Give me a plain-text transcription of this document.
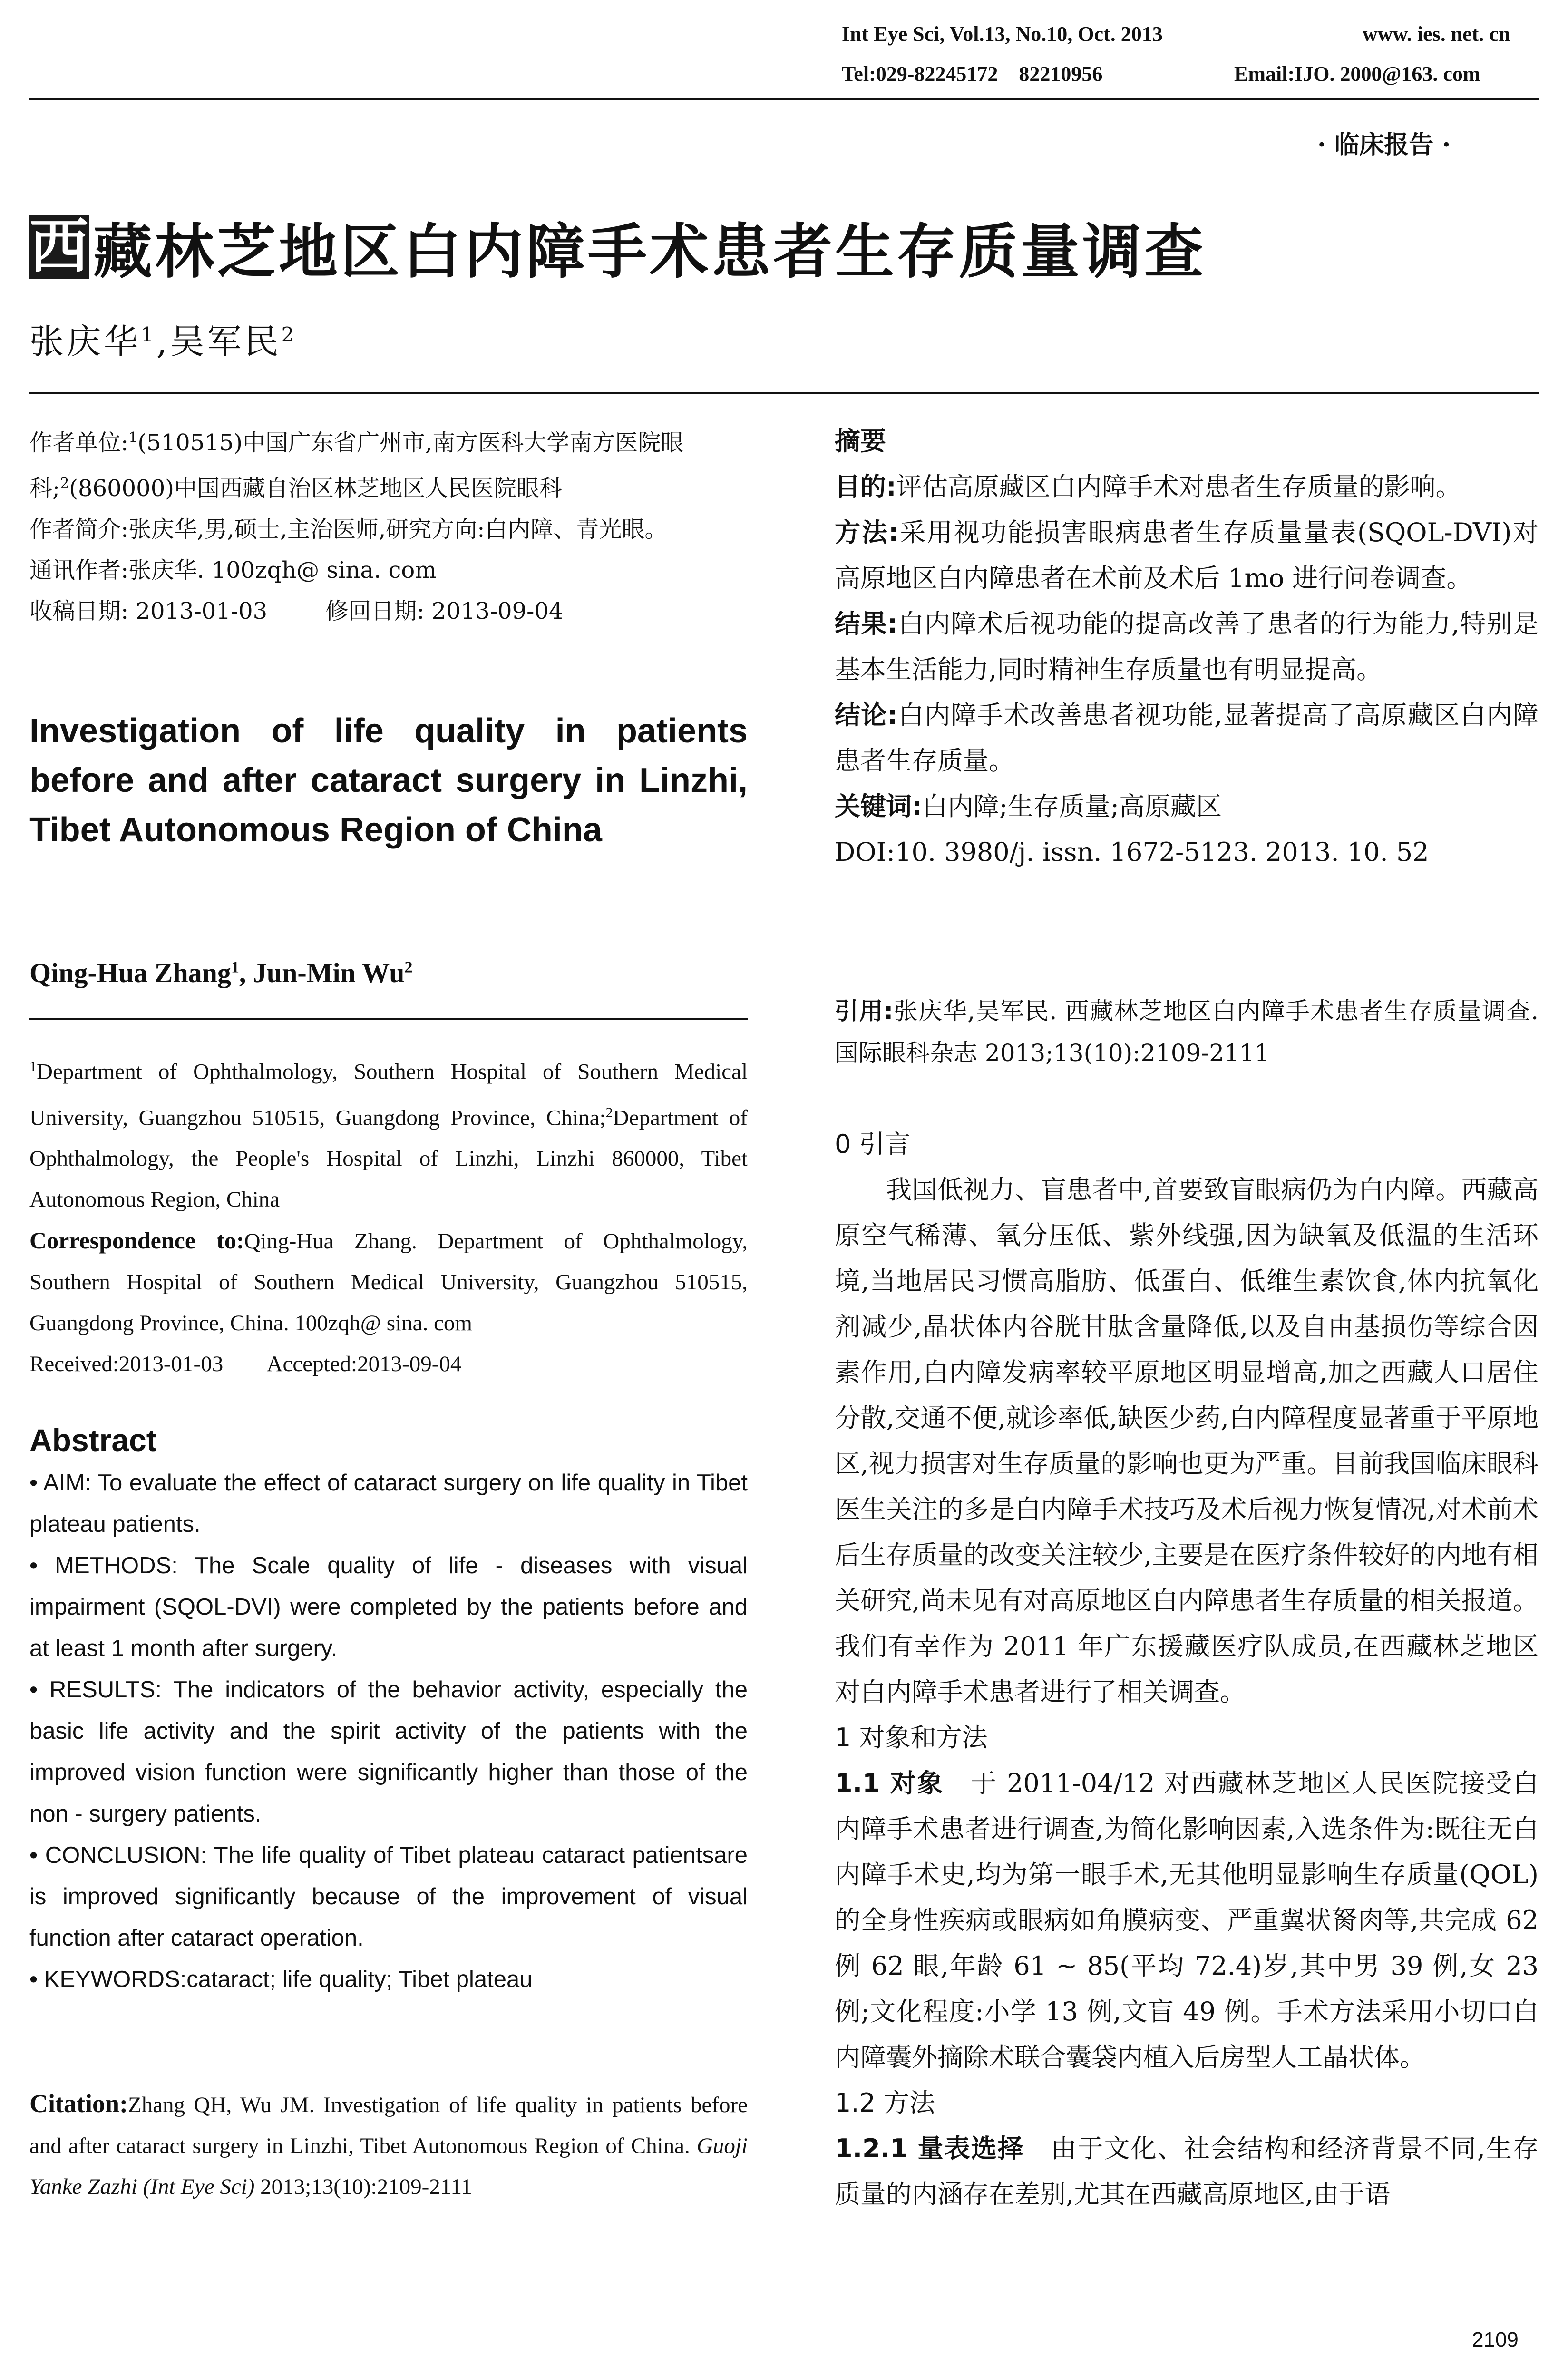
Int Eye Sci, Vol.13, No.10, Oct. 2013	www. ies. net. cn
Tel:029-82245172    82210956	Email:IJO. 2000@163. com
· 临床报告 ·
西 藏林芝地区白内障手术患者生存质量调查
张庆华$^1$,吴军民$^2$

作者单位:$^1$(510515)中国广东省广州市,南方医科大学南方医院眼科;$^2$(860000)中国西藏自治区林芝地区人民医院眼科

作者简介:张庆华,男,硕士,主治医师,研究方向:白内障、青光眼。

通讯作者:张庆华. 100zqh@ sina. com

收稿日期: 2013-01-03        修回日期: 2013-09-04

Investigation of life quality in patients before and after cataract surgery in Linzhi, Tibet Autonomous Region of China
Qing-Hua Zhang$^1$, Jun-Min Wu$^2$
$^1$Department of Ophthalmology, Southern Hospital of Southern Medical University, Guangzhou 510515, Guangdong Province, China;$^2$Department of Ophthalmology, the People's Hospital of Linzhi, Linzhi 860000, Tibet Autonomous Region, China
Correspondence to:Qing-Hua Zhang. Department of Ophthalmology, Southern Hospital of Southern Medical University, Guangzhou 510515, Guangdong Province, China. 100zqh@ sina. com
Received:2013-01-03        Accepted:2013-09-04
Abstract

• AIM: To evaluate the effect of cataract surgery on life quality in Tibet plateau patients.

• METHODS: The Scale quality of life - diseases with visual impairment (SQOL-DVI) were completed by the patients before and at least 1 month after surgery.

• RESULTS: The indicators of the behavior activity, especially the basic life activity and the spirit activity of the patients with the improved vision function were significantly higher than those of the non - surgery patients.

• CONCLUSION: The life quality of Tibet plateau cataract patientsare is improved significantly because of the improvement of visual function after cataract operation.

• KEYWORDS:cataract; life quality; Tibet plateau

Citation:Zhang QH, Wu JM. Investigation of life quality in patients before and after cataract surgery in Linzhi, Tibet Autonomous Region of China. Guoji Yanke Zazhi (Int Eye Sci) 2013;13(10):2109-2111

摘要

目的:评估高原藏区白内障手术对患者生存质量的影响。

方法:采用视功能损害眼病患者生存质量量表(SQOL-DVI)对高原地区白内障患者在术前及术后 1mo 进行问卷调查。

结果:白内障术后视功能的提高改善了患者的行为能力,特别是基本生活能力,同时精神生存质量也有明显提高。

结论:白内障手术改善患者视功能,显著提高了高原藏区白内障患者生存质量。

关键词:白内障;生存质量;高原藏区

DOI:10. 3980/j. issn. 1672-5123. 2013. 10. 52

引用:张庆华,吴军民. 西藏林芝地区白内障手术患者生存质量调查. 国际眼科杂志 2013;13(10):2109-2111

0 引言

我国低视力、盲患者中,首要致盲眼病仍为白内障。西藏高原空气稀薄、氧分压低、紫外线强,因为缺氧及低温的生活环境,当地居民习惯高脂肪、低蛋白、低维生素饮食,体内抗氧化剂减少,晶状体内谷胱甘肽含量降低,以及自由基损伤等综合因素作用,白内障发病率较平原地区明显增高,加之西藏人口居住分散,交通不便,就诊率低,缺医少药,白内障程度显著重于平原地区,视力损害对生存质量的影响也更为严重。目前我国临床眼科医生关注的多是白内障手术技巧及术后视力恢复情况,对术前术后生存质量的改变关注较少,主要是在医疗条件较好的内地有相关研究,尚未见有对高原地区白内障患者生存质量的相关报道。我们有幸作为 2011 年广东援藏医疗队成员,在西藏林芝地区对白内障手术患者进行了相关调查。

1 对象和方法

1.1 对象　 于 2011-04/12 对西藏林芝地区人民医院接受白内障手术患者进行调查,为简化影响因素,入选条件为:既往无白内障手术史,均为第一眼手术,无其他明显影响生存质量(QOL)的全身性疾病或眼病如角膜病变、严重翼状胬肉等,共完成 62 例 62 眼,年龄 61 ~ 85(平均 72.4)岁,其中男 39 例,女 23 例;文化程度:小学 13 例,文盲 49 例。手术方法采用小切口白内障囊外摘除术联合囊袋内植入后房型人工晶状体。

1.2 方法

1.2.1 量表选择　 由于文化、社会结构和经济背景不同,生存质量的内涵存在差别,尤其在西藏高原地区,由于语

2109
